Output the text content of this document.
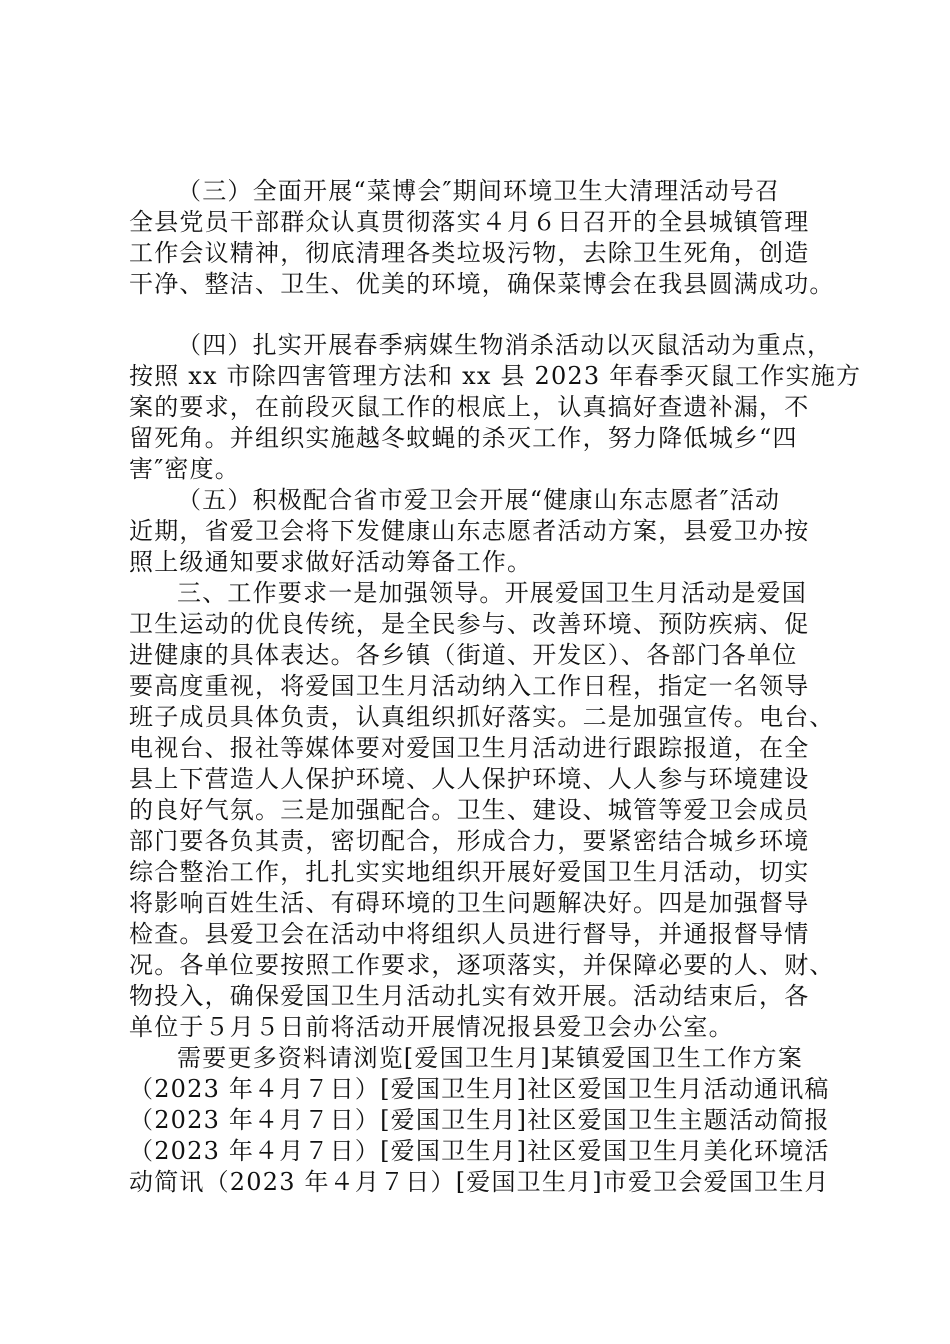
（三）全面开展“菜博会″期间环境卫生大清理活动号召
全县党员干部群众认真贯彻落实４月６日召开的全县城镇管理
工作会议精神，彻底清理各类垃圾污物，去除卫生死角，创造
干净、整洁、卫生、优美的环境，确保菜博会在我县圆满成功。
（四）扎实开展春季病媒生物消杀活动以灭鼠活动为重点，
按照 xx 市除四害管理方法和 xx 县 2023 年春季灭鼠工作实施方
案的要求，在前段灭鼠工作的根底上，认真搞好查遗补漏，不
留死角。并组织实施越冬蚊蝇的杀灭工作，努力降低城乡“四
害″密度。
（五）积极配合省市爱卫会开展“健康山东志愿者″活动
近期，省爱卫会将下发健康山东志愿者活动方案，县爱卫办按
照上级通知要求做好活动筹备工作。
三、工作要求一是加强领导。开展爱国卫生月活动是爱国
卫生运动的优良传统，是全民参与、改善环境、预防疾病、促
进健康的具体表达。各乡镇（街道、开发区）、各部门各单位
要高度重视，将爱国卫生月活动纳入工作日程，指定一名领导
班子成员具体负责，认真组织抓好落实。二是加强宣传。电台、
电视台、报社等媒体要对爱国卫生月活动进行跟踪报道，在全
县上下营造人人保护环境、人人保护环境、人人参与环境建设
的良好气氛。三是加强配合。卫生、建设、城管等爱卫会成员
部门要各负其责，密切配合，形成合力，要紧密结合城乡环境
综合整治工作，扎扎实实地组织开展好爱国卫生月活动，切实
将影响百姓生活、有碍环境的卫生问题解决好。四是加强督导
检查。县爱卫会在活动中将组织人员进行督导，并通报督导情
况。各单位要按照工作要求，逐项落实，并保障必要的人、财、
物投入，确保爱国卫生月活动扎实有效开展。活动结束后，各
单位于５月５日前将活动开展情况报县爱卫会办公室。
需要更多资料请浏览[爱国卫生月]某镇爱国卫生工作方案
（2023 年４月７日）[爱国卫生月]社区爱国卫生月活动通讯稿
（2023 年４月７日）[爱国卫生月]社区爱国卫生主题活动简报
（2023 年４月７日）[爱国卫生月]社区爱国卫生月美化环境活
动简讯（2023 年４月７日）[爱国卫生月]市爱卫会爱国卫生月
